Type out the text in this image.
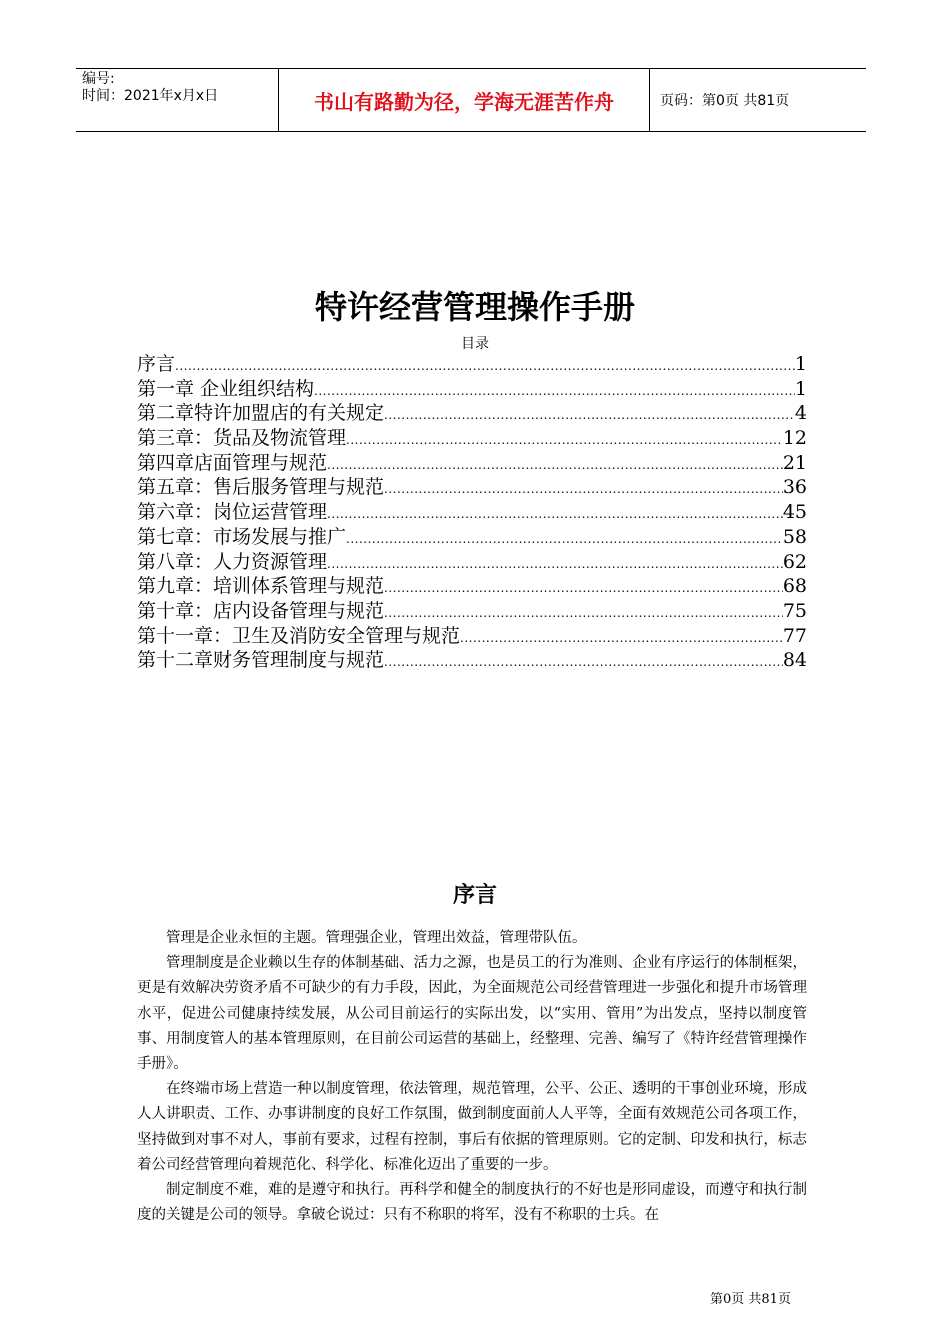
编号:
时间：2021年x月x日	书山有路勤为径，学海无涯苦作舟	页码：第0页 共81页
特许经营管理操作手册
目录
序言 .....	1
第一章 企业组织结构 .....	1
第二章特许加盟店的有关规定 .....	4
第三章：货品及物流管理 .....	12
第四章店面管理与规范 .....	21
第五章：售后服务管理与规范 .....	36
第六章：岗位运营管理 .....	45
第七章：市场发展与推广 .....	58
第八章：人力资源管理 .....	62
第九章：培训体系管理与规范 .....	68
第十章：店内设备管理与规范 .....	75
第十一章：卫生及消防安全管理与规范 .....	77
第十二章财务管理制度与规范 .....	84
序言

管理是企业永恒的主题。管理强企业，管理出效益，管理带队伍。

管理制度是企业赖以生存的体制基础、活力之源，也是员工的行为准则、企业有序运行的体制框架，更是有效解决劳资矛盾不可缺少的有力手段，因此，为全面规范公司经营管理进一步强化和提升市场管理水平，促进公司健康持续发展，从公司目前运行的实际出发，以“实用、管用”为出发点，坚持以制度管事、用制度管人的基本管理原则，在目前公司运营的基础上，经整理、完善、编写了《特许经营管理操作手册》。

在终端市场上营造一种以制度管理，依法管理，规范管理，公平、公正、透明的干事创业环境，形成人人讲职责、工作、办事讲制度的良好工作氛围，做到制度面前人人平等，全面有效规范公司各项工作，坚持做到对事不对人，事前有要求，过程有控制，事后有依据的管理原则。它的定制、印发和执行，标志着公司经营管理向着规范化、科学化、标准化迈出了重要的一步。

制定制度不难，难的是遵守和执行。再科学和健全的制度执行的不好也是形同虚设，而遵守和执行制度的关键是公司的领导。拿破仑说过：只有不称职的将军，没有不称职的士兵。在

第0页 共81页
